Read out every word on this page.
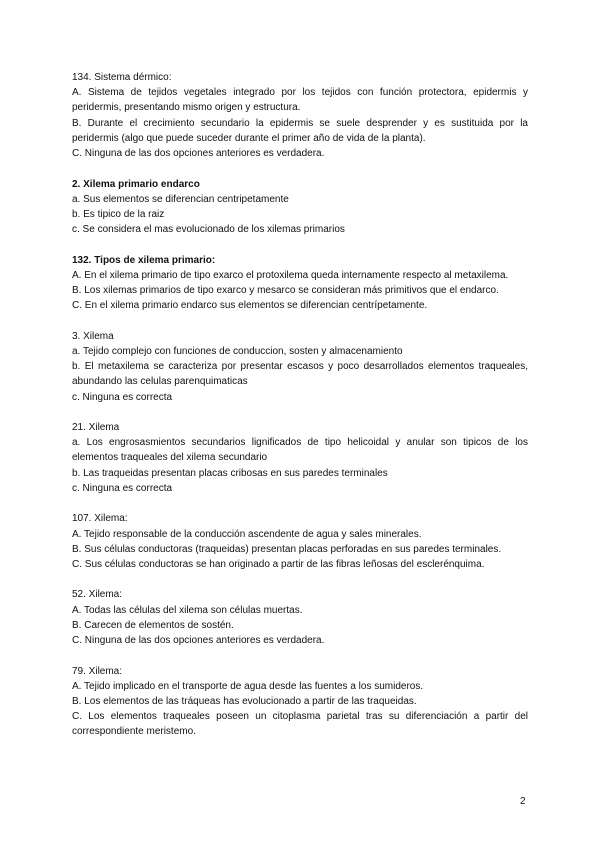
134. Sistema dérmico:

A. Sistema de tejidos vegetales integrado por los tejidos con función protectora, epidermis y peridermis, presentando mismo origen y estructura.

B. Durante el crecimiento secundario la epidermis se suele desprender y es sustituida por la peridermis (algo que puede suceder durante el primer año de vida de la planta).

C. Ninguna de las dos opciones anteriores es verdadera.

2. Xilema primario endarco

a. Sus elementos se diferencian centripetamente

b. Es tipico de la raiz

c. Se considera el mas evolucionado de los xilemas primarios

132. Tipos de xilema primario:

A. En el xilema primario de tipo exarco el protoxilema queda internamente respecto al metaxilema.

B. Los xilemas primarios de tipo exarco y mesarco se consideran más primitivos que el endarco.

C. En el xilema primario endarco sus elementos se diferencian centrípetamente.

3. Xilema

a. Tejido complejo con funciones de conduccion, sosten y almacenamiento

b. El metaxilema se caracteriza por presentar escasos y poco desarrollados elementos traqueales, abundando las celulas parenquimaticas

c. Ninguna es correcta

21. Xilema

a. Los engrosasmientos secundarios lignificados de tipo helicoidal y anular son tipicos de los elementos traqueales del xilema secundario

b. Las traqueidas presentan placas cribosas en sus paredes terminales

c. Ninguna es correcta

107. Xilema:

A. Tejido responsable de la conducción ascendente de agua y sales minerales.

B. Sus células conductoras (traqueidas) presentan placas perforadas en sus paredes terminales.

C. Sus células conductoras se han originado a partir de las fibras leñosas del esclerénquima.

52. Xilema:

A. Todas las células del xilema son células muertas.

B. Carecen de elementos de sostén.

C. Ninguna de las dos opciones anteriores es verdadera.

79. Xilema:

A. Tejido implicado en el transporte de agua desde las fuentes a los sumideros.

B. Los elementos de las tráqueas has evolucionado a partir de las traqueidas.

C. Los elementos traqueales poseen un citoplasma parietal tras su diferenciación a partir del correspondiente meristemo.

2
